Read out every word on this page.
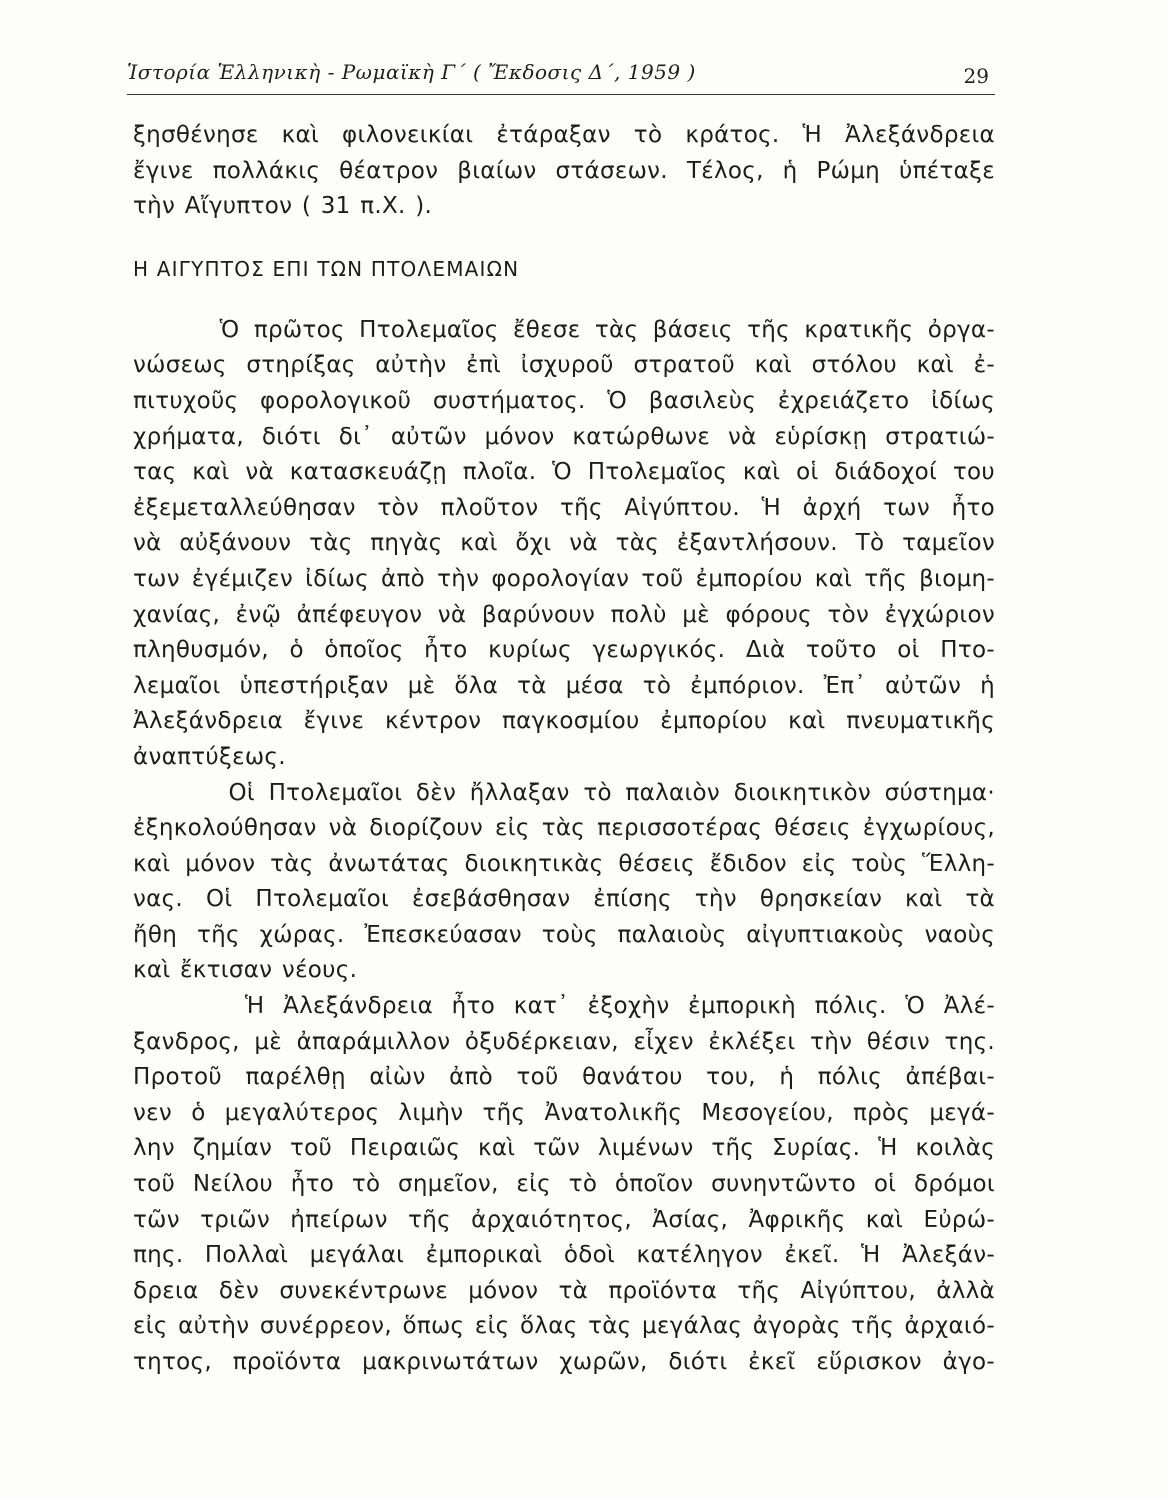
Ἱστορία Ἑλληνικὴ - Ρωμαϊκὴ Γ΄ ( Ἔκδοσις Δ΄, 1959 )	29
ξησθένησε καὶ φιλονεικίαι ἐτάραξαν τὸ κράτος. Ἡ Ἀλεξάνδρεια
ἔγινε πολλάκις θέατρον βιαίων στάσεων. Τέλος, ἡ Ρώμη ὑπέταξε
τὴν Αἴγυπτον ( 31 π.Χ. ).
Η ΑΙΓΥΠΤΟΣ ΕΠΙ ΤΩΝ ΠΤΟΛΕΜΑΙΩΝ
Ὁ πρῶτος Πτολεμαῖος ἔθεσε τὰς βάσεις τῆς κρατικῆς ὀργα-
νώσεως στηρίξας αὐτὴν ἐπὶ ἰσχυροῦ στρατοῦ καὶ στόλου καὶ ἐ-
πιτυχοῦς φορολογικοῦ συστήματος. Ὁ βασιλεὺς ἐχρειάζετο ἰδίως
χρήματα, διότι δι᾽ αὐτῶν μόνον κατώρθωνε νὰ εὑρίσκῃ στρατιώ-
τας καὶ νὰ κατασκευάζῃ πλοῖα. Ὁ Πτολεμαῖος καὶ οἱ διάδοχοί του
ἐξεμεταλλεύθησαν τὸν πλοῦτον τῆς Αἰγύπτου. Ἡ ἀρχή των ἦτο
νὰ αὐξάνουν τὰς πηγὰς καὶ ὄχι νὰ τὰς ἐξαντλήσουν. Τὸ ταμεῖον
των ἐγέμιζεν ἰδίως ἀπὸ τὴν φορολογίαν τοῦ ἐμπορίου καὶ τῆς βιομη-
χανίας, ἐνῷ ἀπέφευγον νὰ βαρύνουν πολὺ μὲ φόρους τὸν ἐγχώριον
πληθυσμόν, ὁ ὁποῖος ἦτο κυρίως γεωργικός. Διὰ τοῦτο οἱ Πτο-
λεμαῖοι ὑπεστήριξαν μὲ ὅλα τὰ μέσα τὸ ἐμπόριον. Ἐπ᾽ αὐτῶν ἡ
Ἀλεξάνδρεια ἔγινε κέντρον παγκοσμίου ἐμπορίου καὶ πνευματικῆς
ἀναπτύξεως.
Οἱ Πτολεμαῖοι δὲν ἤλλαξαν τὸ παλαιὸν διοικητικὸν σύστημα·
ἐξηκολούθησαν νὰ διορίζουν εἰς τὰς περισσοτέρας θέσεις ἐγχωρίους,
καὶ μόνον τὰς ἀνωτάτας διοικητικὰς θέσεις ἔδιδον εἰς τοὺς Ἕλλη-
νας. Οἱ Πτολεμαῖοι ἐσεβάσθησαν ἐπίσης τὴν θρησκείαν καὶ τὰ
ἤθη τῆς χώρας. Ἐπεσκεύασαν τοὺς παλαιοὺς αἰγυπτιακοὺς ναοὺς
καὶ ἔκτισαν νέους.
Ἡ Ἀλεξάνδρεια ἦτο κατ᾽ ἐξοχὴν ἐμπορικὴ πόλις. Ὁ Ἀλέ-
ξανδρος, μὲ ἀπαράμιλλον ὀξυδέρκειαν, εἶχεν ἐκλέξει τὴν θέσιν της.
Προτοῦ παρέλθῃ αἰὼν ἀπὸ τοῦ θανάτου του, ἡ πόλις ἀπέβαι-
νεν ὁ μεγαλύτερος λιμὴν τῆς Ἀνατολικῆς Μεσογείου, πρὸς μεγά-
λην ζημίαν τοῦ Πειραιῶς καὶ τῶν λιμένων τῆς Συρίας. Ἡ κοιλὰς
τοῦ Νείλου ἦτο τὸ σημεῖον, εἰς τὸ ὁποῖον συνηντῶντο οἱ δρόμοι
τῶν τριῶν ἠπείρων τῆς ἀρχαιότητος, Ἀσίας, Ἀφρικῆς καὶ Εὐρώ-
πης. Πολλαὶ μεγάλαι ἐμπορικαὶ ὁδοὶ κατέληγον ἐκεῖ. Ἡ Ἀλεξάν-
δρεια δὲν συνεκέντρωνε μόνον τὰ προϊόντα τῆς Αἰγύπτου, ἀλλὰ
εἰς αὐτὴν συνέρρεον, ὅπως εἰς ὅλας τὰς μεγάλας ἀγορὰς τῆς ἀρχαιό-
τητος, προϊόντα μακρινωτάτων χωρῶν, διότι ἐκεῖ εὕρισκον ἀγο-
